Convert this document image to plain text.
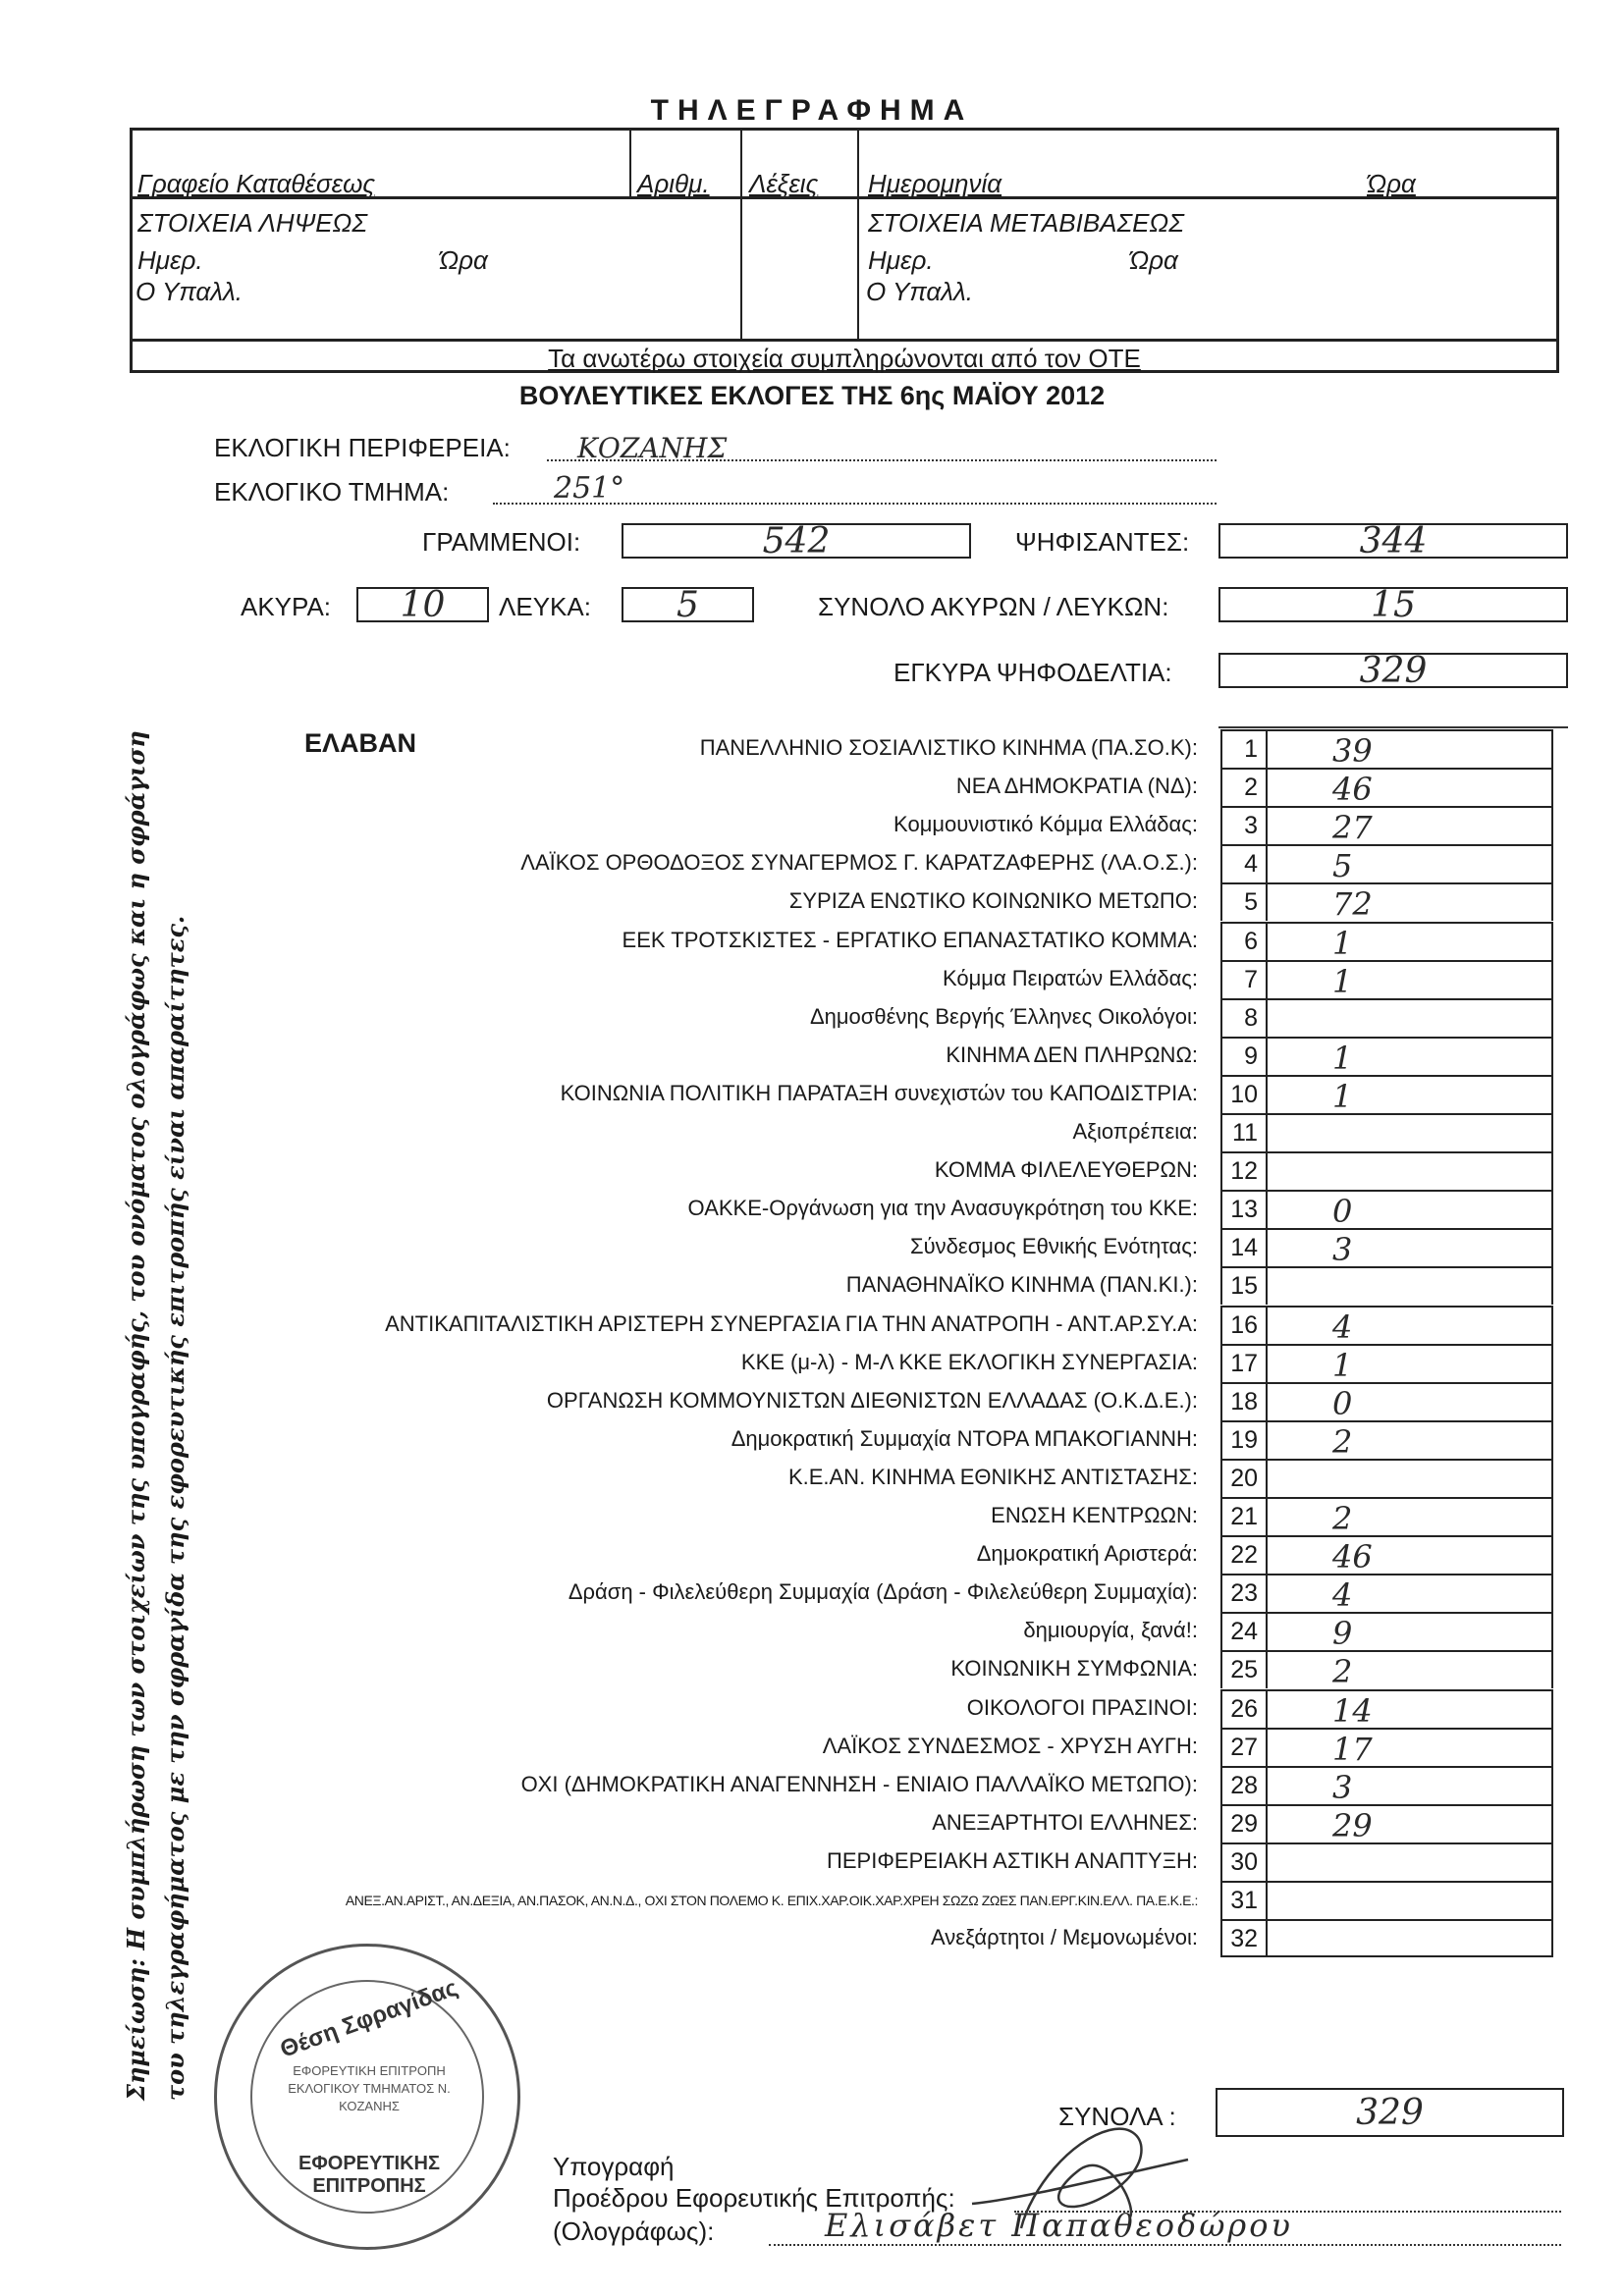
ΤΗΛΕΓΡΑΦΗΜΑ
Γραφείο Καταθέσεως	Αριθμ. Λέξεις Ημερομηνία	Ώρα
ΣΤΟΙΧΕΙΑ ΛΗΨΕΩΣ
Ημερ.	Ώρα
Ο Υπαλλ.
ΣΤΟΙΧΕΙΑ ΜΕΤΑΒΙΒΑΣΕΩΣ
Ημερ.	Ώρα
Ο Υπαλλ.
Τα ανωτέρω στοιχεία συμπληρώνονται από τον ΟΤΕ
ΒΟΥΛΕΥΤΙΚΕΣ ΕΚΛΟΓΕΣ ΤΗΣ 6ης ΜΑΪΟΥ 2012
ΕΚΛΟΓΙΚΗ ΠΕΡΙΦΕΡΕΙΑ: ΚΟΖΑΝΗΣ
ΕΚΛΟΓΙΚΟ ΤΜΗΜΑ:	251°
ΓΡΑΜΜΕΝΟΙ:	542	ΨΗΦΙΣΑΝΤΕΣ:	344
ΑΚΥΡΑ:	10	ΛΕΥΚΑ:	5	ΣΥΝΟΛΟ ΑΚΥΡΩΝ / ΛΕΥΚΩΝ:	15
ΕΓΚΥΡΑ ΨΗΦΟΔΕΛΤΙΑ:	329
ΕΛΑΒΑΝ	ΠΑΝΕΛΛΗΝΙΟ ΣΟΣΙΑΛΙΣΤΙΚΟ ΚΙΝΗΜΑ (ΠΑ.ΣΟ.Κ):	1	39
ΝΕΑ ΔΗΜΟΚΡΑΤΙΑ (ΝΔ):	2	46
Κομμουνιστικό Κόμμα Ελλάδας:	3	27
ΛΑΪΚΟΣ ΟΡΘΟΔΟΞΟΣ ΣΥΝΑΓΕΡΜΟΣ Γ. ΚΑΡΑΤΖΑΦΕΡΗΣ (ΛΑ.Ο.Σ.):	4	5
ΣΥΡΙΖΑ ΕΝΩΤΙΚΟ ΚΟΙΝΩΝΙΚΟ ΜΕΤΩΠΟ:	5	72
ΕΕΚ ΤΡΟΤΣΚΙΣΤΕΣ - ΕΡΓΑΤΙΚΟ ΕΠΑΝΑΣΤΑΤΙΚΟ ΚΟΜΜΑ:	6	1
Κόμμα Πειρατών Ελλάδας:	7	1
Δημοσθένης Βεργής Έλληνες Οικολόγοι:	8
ΚΙΝΗΜΑ ΔΕΝ ΠΛΗΡΩΝΩ:	9	1
ΚΟΙΝΩΝΙΑ ΠΟΛΙΤΙΚΗ ΠΑΡΑΤΑΞΗ συνεχιστών του ΚΑΠΟΔΙΣΤΡΙΑ:	10	1
Αξιοπρέπεια:	11
ΚΟΜΜΑ ΦΙΛΕΛΕΥΘΕΡΩΝ:	12
ΟΑΚΚΕ-Οργάνωση για την Ανασυγκρότηση του ΚΚΕ:	13	0
Σύνδεσμος Εθνικής Ενότητας:	14	3
ΠΑΝΑΘΗΝΑΪΚΟ ΚΙΝΗΜΑ (ΠΑΝ.ΚΙ.):	15
ΑΝΤΙΚΑΠΙΤΑΛΙΣΤΙΚΗ ΑΡΙΣΤΕΡΗ ΣΥΝΕΡΓΑΣΙΑ ΓΙΑ ΤΗΝ ΑΝΑΤΡΟΠΗ - ΑΝΤ.ΑΡ.ΣΥ.Α:	16	4
ΚΚΕ (μ-λ) - Μ-Λ ΚΚΕ ΕΚΛΟΓΙΚΗ ΣΥΝΕΡΓΑΣΙΑ:	17	1
ΟΡΓΑΝΩΣΗ ΚΟΜΜΟΥΝΙΣΤΩΝ ΔΙΕΘΝΙΣΤΩΝ ΕΛΛΑΔΑΣ (Ο.Κ.Δ.Ε.):	18	0
Δημοκρατική Συμμαχία ΝΤΟΡΑ ΜΠΑΚΟΓΙΑΝΝΗ:	19	2
Κ.Ε.ΑΝ. ΚΙΝΗΜΑ ΕΘΝΙΚΗΣ ΑΝΤΙΣΤΑΣΗΣ:	20
ΕΝΩΣΗ ΚΕΝΤΡΩΩΝ:	21	2
Δημοκρατική Αριστερά:	22	46
Δράση - Φιλελεύθερη Συμμαχία (Δράση - Φιλελεύθερη Συμμαχία):	23	4
δημιουργία, ξανά!:	24	9
ΚΟΙΝΩΝΙΚΗ ΣΥΜΦΩΝΙΑ:	25	2
ΟΙΚΟΛΟΓΟΙ ΠΡΑΣΙΝΟΙ:	26	14
ΛΑΪΚΟΣ ΣΥΝΔΕΣΜΟΣ - ΧΡΥΣΗ ΑΥΓΗ:	27	17
ΟΧΙ (ΔΗΜΟΚΡΑΤΙΚΗ ΑΝΑΓΕΝΝΗΣΗ - ΕΝΙΑΙΟ ΠΑΛΛΑΪΚΟ ΜΕΤΩΠΟ):	28	3
ΑΝΕΞΑΡΤΗΤΟΙ ΕΛΛΗΝΕΣ:	29	29
ΠΕΡΙΦΕΡΕΙΑΚΗ ΑΣΤΙΚΗ ΑΝΑΠΤΥΞΗ:	30
ΑΝΕΞ.ΑΝ.ΑΡΙΣΤ., ΑΝ.ΔΕΞΙΑ, ΑΝ.ΠΑΣΟΚ, ΑΝ.Ν.Δ., ΟΧΙ ΣΤΟΝ ΠΟΛΕΜΟ Κ. ΕΠΙΧ.ΧΑΡ.ΟΙΚ.ΧΑΡ.ΧΡΕΗ ΣΩΖΩ ΖΩΕΣ ΠΑΝ.ΕΡΓ.ΚΙΝ.ΕΛΛ. ΠΑ.Ε.Κ.Ε.:	31
Ανεξάρτητοι / Μεμονωμένοι:	32
Σημείωση: Η συμπλήρωση των στοιχείων της υπογραφής, του ονόματος ολογράφως και η σφράγιση του τηλεγραφήματος με την σφραγίδα της εφορευτικής επιτροπής είναι απαραίτητες.	ΕΦΟΡΕΥΤΙΚΗ ΕΠΙΤΡΟΠΗ ΕΚΛΟΓΙΚΟΥ ΤΜΗΜΑΤΟΣ Ν. ΚΟΖΑΝΗΣ
Θέση Σφραγίδας
ΕΦΟΡΕΥΤΙΚΗΣ ΕΠΙΤΡΟΠΗΣ
ΣΥΝΟΛΑ :	329
Υπογραφή
Προέδρου Εφορευτικής Επιτροπής:
(Ολογράφως):	Ελισάβετ Παπαθεοδώρου
